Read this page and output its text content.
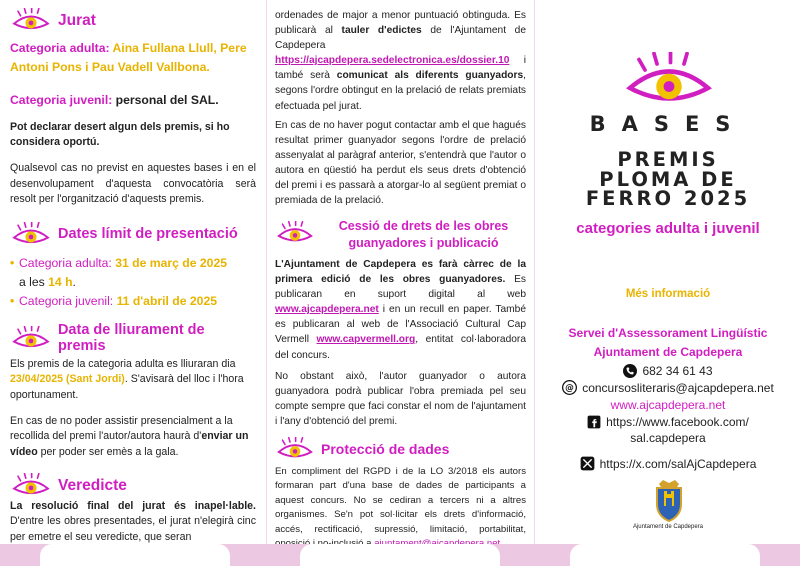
Jurat
Categoria adulta: Aina Fullana Llull, Pere Antoni Pons i Pau Vadell Vallbona.
Categoria juvenil: personal del SAL.
Pot declarar desert algun dels premis, si ho considera oportú.
Qualsevol cas no previst en aquestes bases i en el desenvolupament d'aquesta convocatòria serà resolt per l'organització d'aquests premis.
Dates límit de presentació
• Categoria adulta: 31 de març de 2025
a les 14 h.
• Categoria juvenil: 11 d'abril de 2025
Data de lliurament de premis
Els premis de la categoria adulta es lliuraran dia 23/04/2025 (Sant Jordi). S'avisarà del lloc i l'hora oportunament.
En cas de no poder assistir presencialment a la recollida del premi l'autor/autora haurà d'enviar un vídeo per poder ser emès a la gala.
Veredicte
La resolució final del jurat és inapel·lable. D'entre les obres presentades, el jurat n'elegirà cinc per emetre el seu veredicte, que seran
ordenades de major a menor puntuació obtinguda. Es publicarà al tauler d'edictes de l'Ajuntament de Capdepera https://ajcapdepera.sedelectronica.es/dossier.10 i també serà comunicat als diferents guanyadors, segons l'ordre obtingut en la prelació de relats premiats efectuada pel jurat.
En cas de no haver pogut contactar amb el que hagués resultat primer guanyador segons l'ordre de prelació assenyalat al paràgraf anterior, s'entendrà que l'autor o autora en qüestió ha perdut els seus drets d'obtenció del premi i es passarà a atorgar-lo al següent premiat o premiada de la prelació.
Cessió de drets de les obres guanyadores i publicació
L'Ajuntament de Capdepera es farà càrrec de la primera edició de les obres guanyadores. Es publicaran en suport digital al web www.ajcapdepera.net i en un recull en paper. També es publicaran al web de l'Associació Cultural Cap Vermell www.capvermell.org, entitat col·laboradora del concurs.
No obstant això, l'autor guanyador o autora guanyadora podrà publicar l'obra premiada pel seu compte sempre que faci constar el nom de l'ajuntament i l'any d'obtenció del premi.
Protecció de dades
En compliment del RGPD i de la LO 3/2018 els autors formaran part d'una base de dades de participants a aquest concurs. No se cediran a tercers ni a altres organismes. Se'n pot sol·licitar els drets d'informació, accés, rectificació, supressió, limitació, portabilitat,
BASES
PREMIS
PLOMA DE
FERRO 2025
categories adulta i juvenil
Més informació
Servei d'Assessorament Lingüístic
Ajuntament de Capdepera
682 34 61 43
@ concursosliteraris@ajcapdepera.net
www.ajcapdepera.net
https://www.facebook.com/
sal.capdepera
https://x.com/salAjCapdepera
Ajuntament de Capdepera
